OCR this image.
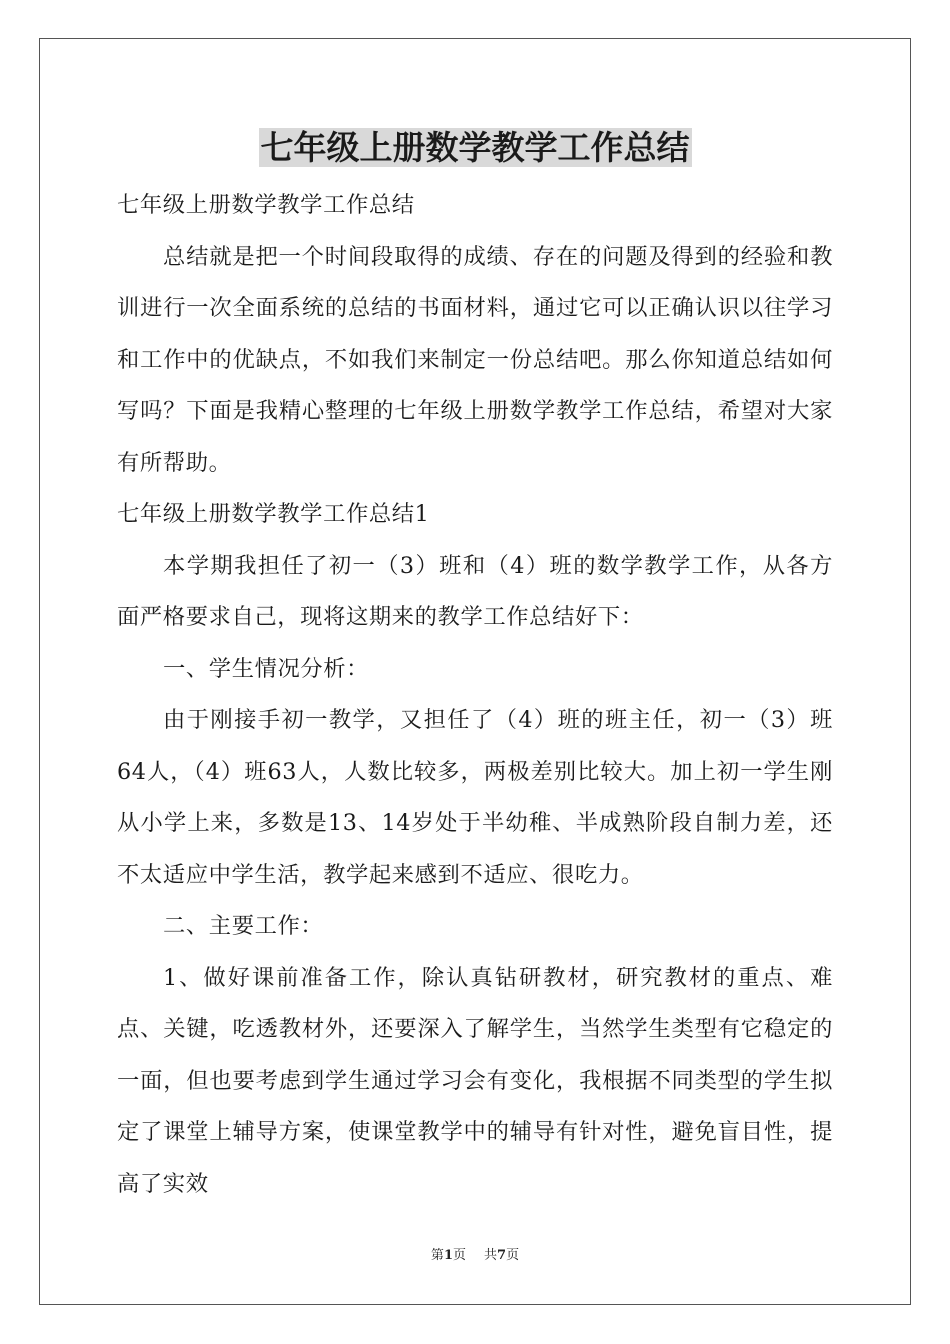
七年级上册数学教学工作总结

七年级上册数学教学工作总结

总结就是把一个时间段取得的成绩、存在的问题及得到的经验和教训进行一次全面系统的总结的书面材料，通过它可以正确认识以往学习和工作中的优缺点，不如我们来制定一份总结吧。那么你知道总结如何写吗？下面是我精心整理的七年级上册数学教学工作总结，希望对大家有所帮助。

七年级上册数学教学工作总结1

本学期我担任了初一（3）班和（4）班的数学教学工作，从各方面严格要求自己，现将这期来的教学工作总结好下：

一、学生情况分析：

由于刚接手初一教学，又担任了（4）班的班主任，初一（3）班64人，（4）班63人，人数比较多，两极差别比较大。加上初一学生刚从小学上来，多数是13、14岁处于半幼稚、半成熟阶段自制力差，还不太适应中学生活，教学起来感到不适应、很吃力。

二、主要工作：

1、做好课前准备工作，除认真钻研教材，研究教材的重点、难点、关键，吃透教材外，还要深入了解学生，当然学生类型有它稳定的一面，但也要考虑到学生通过学习会有变化，我根据不同类型的学生拟定了课堂上辅导方案，使课堂教学中的辅导有针对性，避免盲目性，提高了实效

第1页 共7页
